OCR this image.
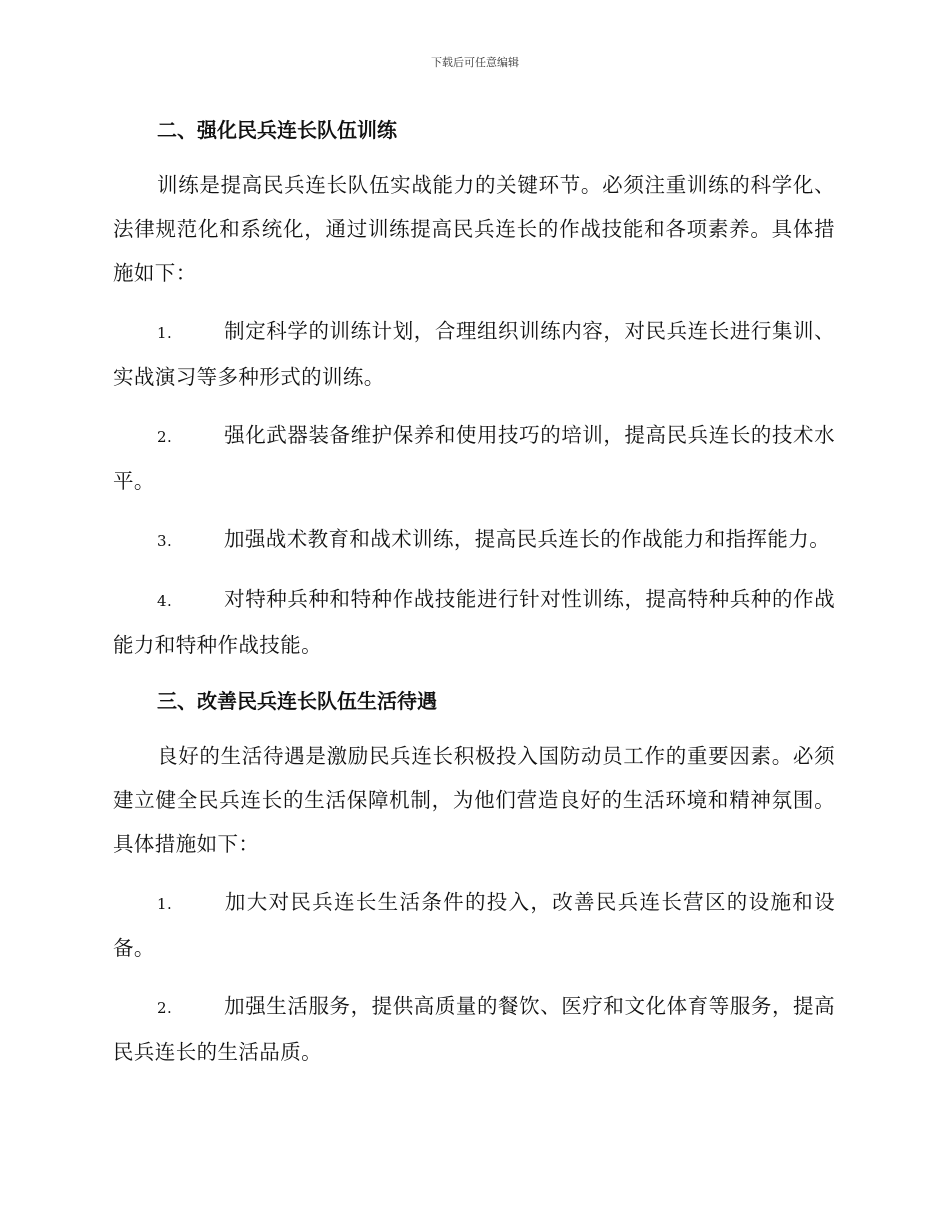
下载后可任意编辑
二、强化民兵连长队伍训练

训练是提高民兵连长队伍实战能力的关键环节。必须注重训练的科学化、法律规范化和系统化，通过训练提高民兵连长的作战技能和各项素养。具体措施如下：

1.	制定科学的训练计划，合理组织训练内容，对民兵连长进行集训、实战演习等多种形式的训练。

2.	强化武器装备维护保养和使用技巧的培训，提高民兵连长的技术水平。

3.	加强战术教育和战术训练，提高民兵连长的作战能力和指挥能力。

4.	对特种兵种和特种作战技能进行针对性训练，提高特种兵种的作战能力和特种作战技能。

三、改善民兵连长队伍生活待遇

良好的生活待遇是激励民兵连长积极投入国防动员工作的重要因素。必须建立健全民兵连长的生活保障机制，为他们营造良好的生活环境和精神氛围。具体措施如下：

1.	加大对民兵连长生活条件的投入，改善民兵连长营区的设施和设备。

2.	加强生活服务，提供高质量的餐饮、医疗和文化体育等服务，提高民兵连长的生活品质。
